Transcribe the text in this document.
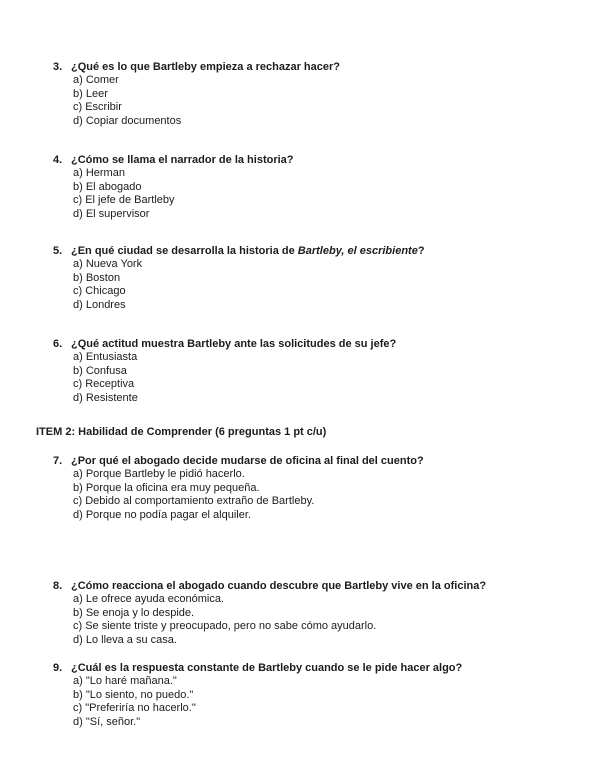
3. ¿Qué es lo que Bartleby empieza a rechazar hacer?
a) Comer
b) Leer
c) Escribir
d) Copiar documentos
4. ¿Cómo se llama el narrador de la historia?
a) Herman
b) El abogado
c) El jefe de Bartleby
d) El supervisor
5. ¿En qué ciudad se desarrolla la historia de Bartleby, el escribiente?
a) Nueva York
b) Boston
c) Chicago
d) Londres
6. ¿Qué actitud muestra Bartleby ante las solicitudes de su jefe?
a) Entusiasta
b) Confusa
c) Receptiva
d) Resistente
ITEM 2: Habilidad de Comprender (6 preguntas 1 pt c/u)
7. ¿Por qué el abogado decide mudarse de oficina al final del cuento?
a) Porque Bartleby le pidió hacerlo.
b) Porque la oficina era muy pequeña.
c) Debido al comportamiento extraño de Bartleby.
d) Porque no podía pagar el alquiler.
8. ¿Cómo reacciona el abogado cuando descubre que Bartleby vive en la oficina?
a) Le ofrece ayuda económica.
b) Se enoja y lo despide.
c) Se siente triste y preocupado, pero no sabe cómo ayudarlo.
d) Lo lleva a su casa.
9. ¿Cuál es la respuesta constante de Bartleby cuando se le pide hacer algo?
a) "Lo haré mañana."
b) "Lo siento, no puedo."
c) "Preferiría no hacerlo."
d) "Sí, señor."
